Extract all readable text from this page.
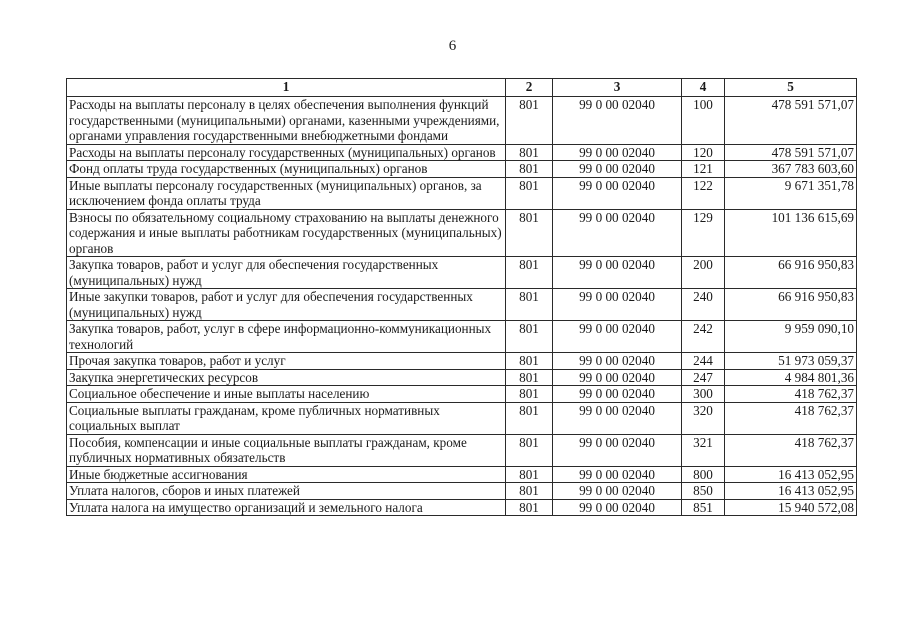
6
1	2	3	4	5
Расходы на выплаты персоналу в целях обеспечения выполнения функций государственными (муниципальными) органами, казенными учреждениями, органами управления государственными внебюджетными фондами	801	99 0 00 02040	100	478 591 571,07
Расходы на выплаты персоналу государственных (муниципальных) органов	801	99 0 00 02040	120	478 591 571,07
Фонд оплаты труда государственных (муниципальных) органов	801	99 0 00 02040	121	367 783 603,60
Иные выплаты персоналу государственных (муниципальных) органов, за исключением фонда оплаты труда	801	99 0 00 02040	122	9 671 351,78
Взносы по обязательному социальному страхованию на выплаты денежного содержания и иные выплаты работникам государственных (муниципальных) органов	801	99 0 00 02040	129	101 136 615,69
Закупка товаров, работ и услуг для обеспечения государственных (муниципальных) нужд	801	99 0 00 02040	200	66 916 950,83
Иные закупки товаров, работ и услуг для обеспечения государственных (муниципальных) нужд	801	99 0 00 02040	240	66 916 950,83
Закупка товаров, работ, услуг в сфере информационно-коммуникационных технологий	801	99 0 00 02040	242	9 959 090,10
Прочая закупка товаров, работ и услуг	801	99 0 00 02040	244	51 973 059,37
Закупка энергетических ресурсов	801	99 0 00 02040	247	4 984 801,36
Социальное обеспечение и иные выплаты населению	801	99 0 00 02040	300	418 762,37
Социальные выплаты гражданам, кроме публичных нормативных социальных выплат	801	99 0 00 02040	320	418 762,37
Пособия, компенсации и иные социальные выплаты гражданам, кроме публичных нормативных обязательств	801	99 0 00 02040	321	418 762,37
Иные бюджетные ассигнования	801	99 0 00 02040	800	16 413 052,95
Уплата налогов, сборов и иных платежей	801	99 0 00 02040	850	16 413 052,95
Уплата налога на имущество организаций и земельного налога	801	99 0 00 02040	851	15 940 572,08
